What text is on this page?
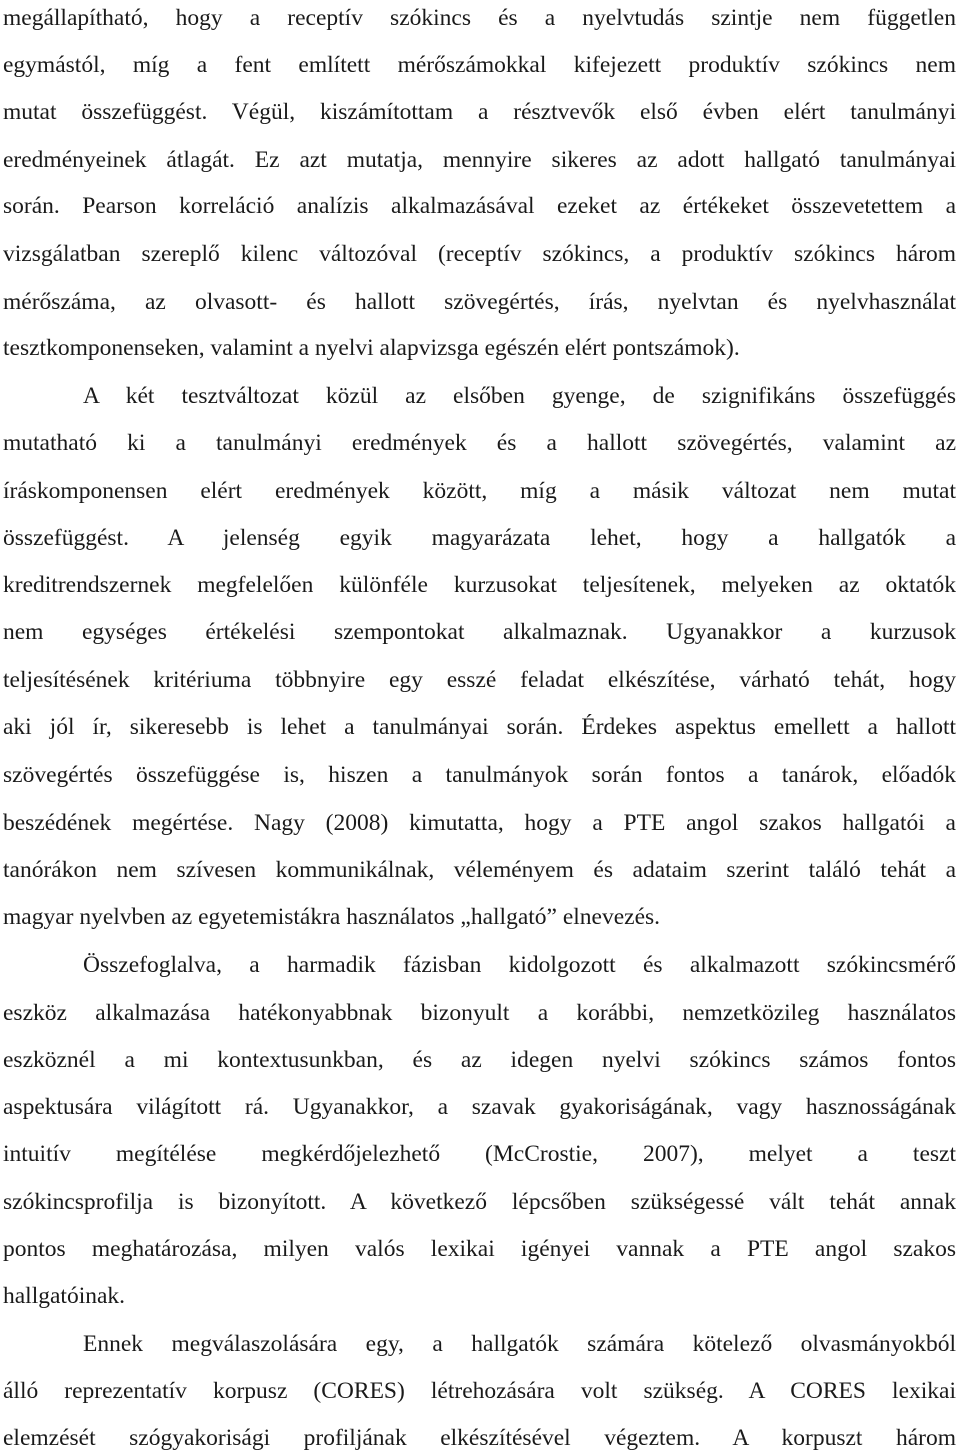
megállapítható, hogy a receptív szókincs és a nyelvtudás szintje nem független
egymástól, míg a fent említett mérőszámokkal kifejezett produktív szókincs nem
mutat összefüggést. Végül, kiszámítottam a résztvevők első évben elért tanulmányi
eredményeinek átlagát. Ez azt mutatja, mennyire sikeres az adott hallgató tanulmányai
során. Pearson korreláció analízis alkalmazásával ezeket az értékeket összevetettem a
vizsgálatban szereplő kilenc változóval (receptív szókincs, a produktív szókincs három
mérőszáma, az olvasott- és hallott szövegértés, írás, nyelvtan és nyelvhasználat
tesztkomponenseken, valamint a nyelvi alapvizsga egészén elért pontszámok).
A két tesztváltozat közül az elsőben gyenge, de szignifikáns összefüggés
mutatható ki a tanulmányi eredmények és a hallott szövegértés, valamint az
íráskomponensen elért eredmények között, míg a másik változat nem mutat
összefüggést. A jelenség egyik magyarázata lehet, hogy a hallgatók a
kreditrendszernek megfelelően különféle kurzusokat teljesítenek, melyeken az oktatók
nem egységes értékelési szempontokat alkalmaznak. Ugyanakkor a kurzusok
teljesítésének kritériuma többnyire egy esszé feladat elkészítése, várható tehát, hogy
aki jól ír, sikeresebb is lehet a tanulmányai során. Érdekes aspektus emellett a hallott
szövegértés összefüggése is, hiszen a tanulmányok során fontos a tanárok, előadók
beszédének megértése. Nagy (2008) kimutatta, hogy a PTE angol szakos hallgatói a
tanórákon nem szívesen kommunikálnak, véleményem és adataim szerint találó tehát a
magyar nyelvben az egyetemistákra használatos „hallgató” elnevezés.
Összefoglalva, a harmadik fázisban kidolgozott és alkalmazott szókincsmérő
eszköz alkalmazása hatékonyabbnak bizonyult a korábbi, nemzetközileg használatos
eszköznél a mi kontextusunkban, és az idegen nyelvi szókincs számos fontos
aspektusára világított rá. Ugyanakkor, a szavak gyakoriságának, vagy hasznosságának
intuitív megítélése megkérdőjelezhető (McCrostie, 2007), melyet a teszt
szókincsprofilja is bizonyított. A következő lépcsőben szükségessé vált tehát annak
pontos meghatározása, milyen valós lexikai igényei vannak a PTE angol szakos
hallgatóinak.
Ennek megválaszolására egy, a hallgatók számára kötelező olvasmányokból
álló reprezentatív korpusz (CORES) létrehozására volt szükség. A CORES lexikai
elemzését szógyakorisági profiljának elkészítésével végeztem. A korpuszt három
